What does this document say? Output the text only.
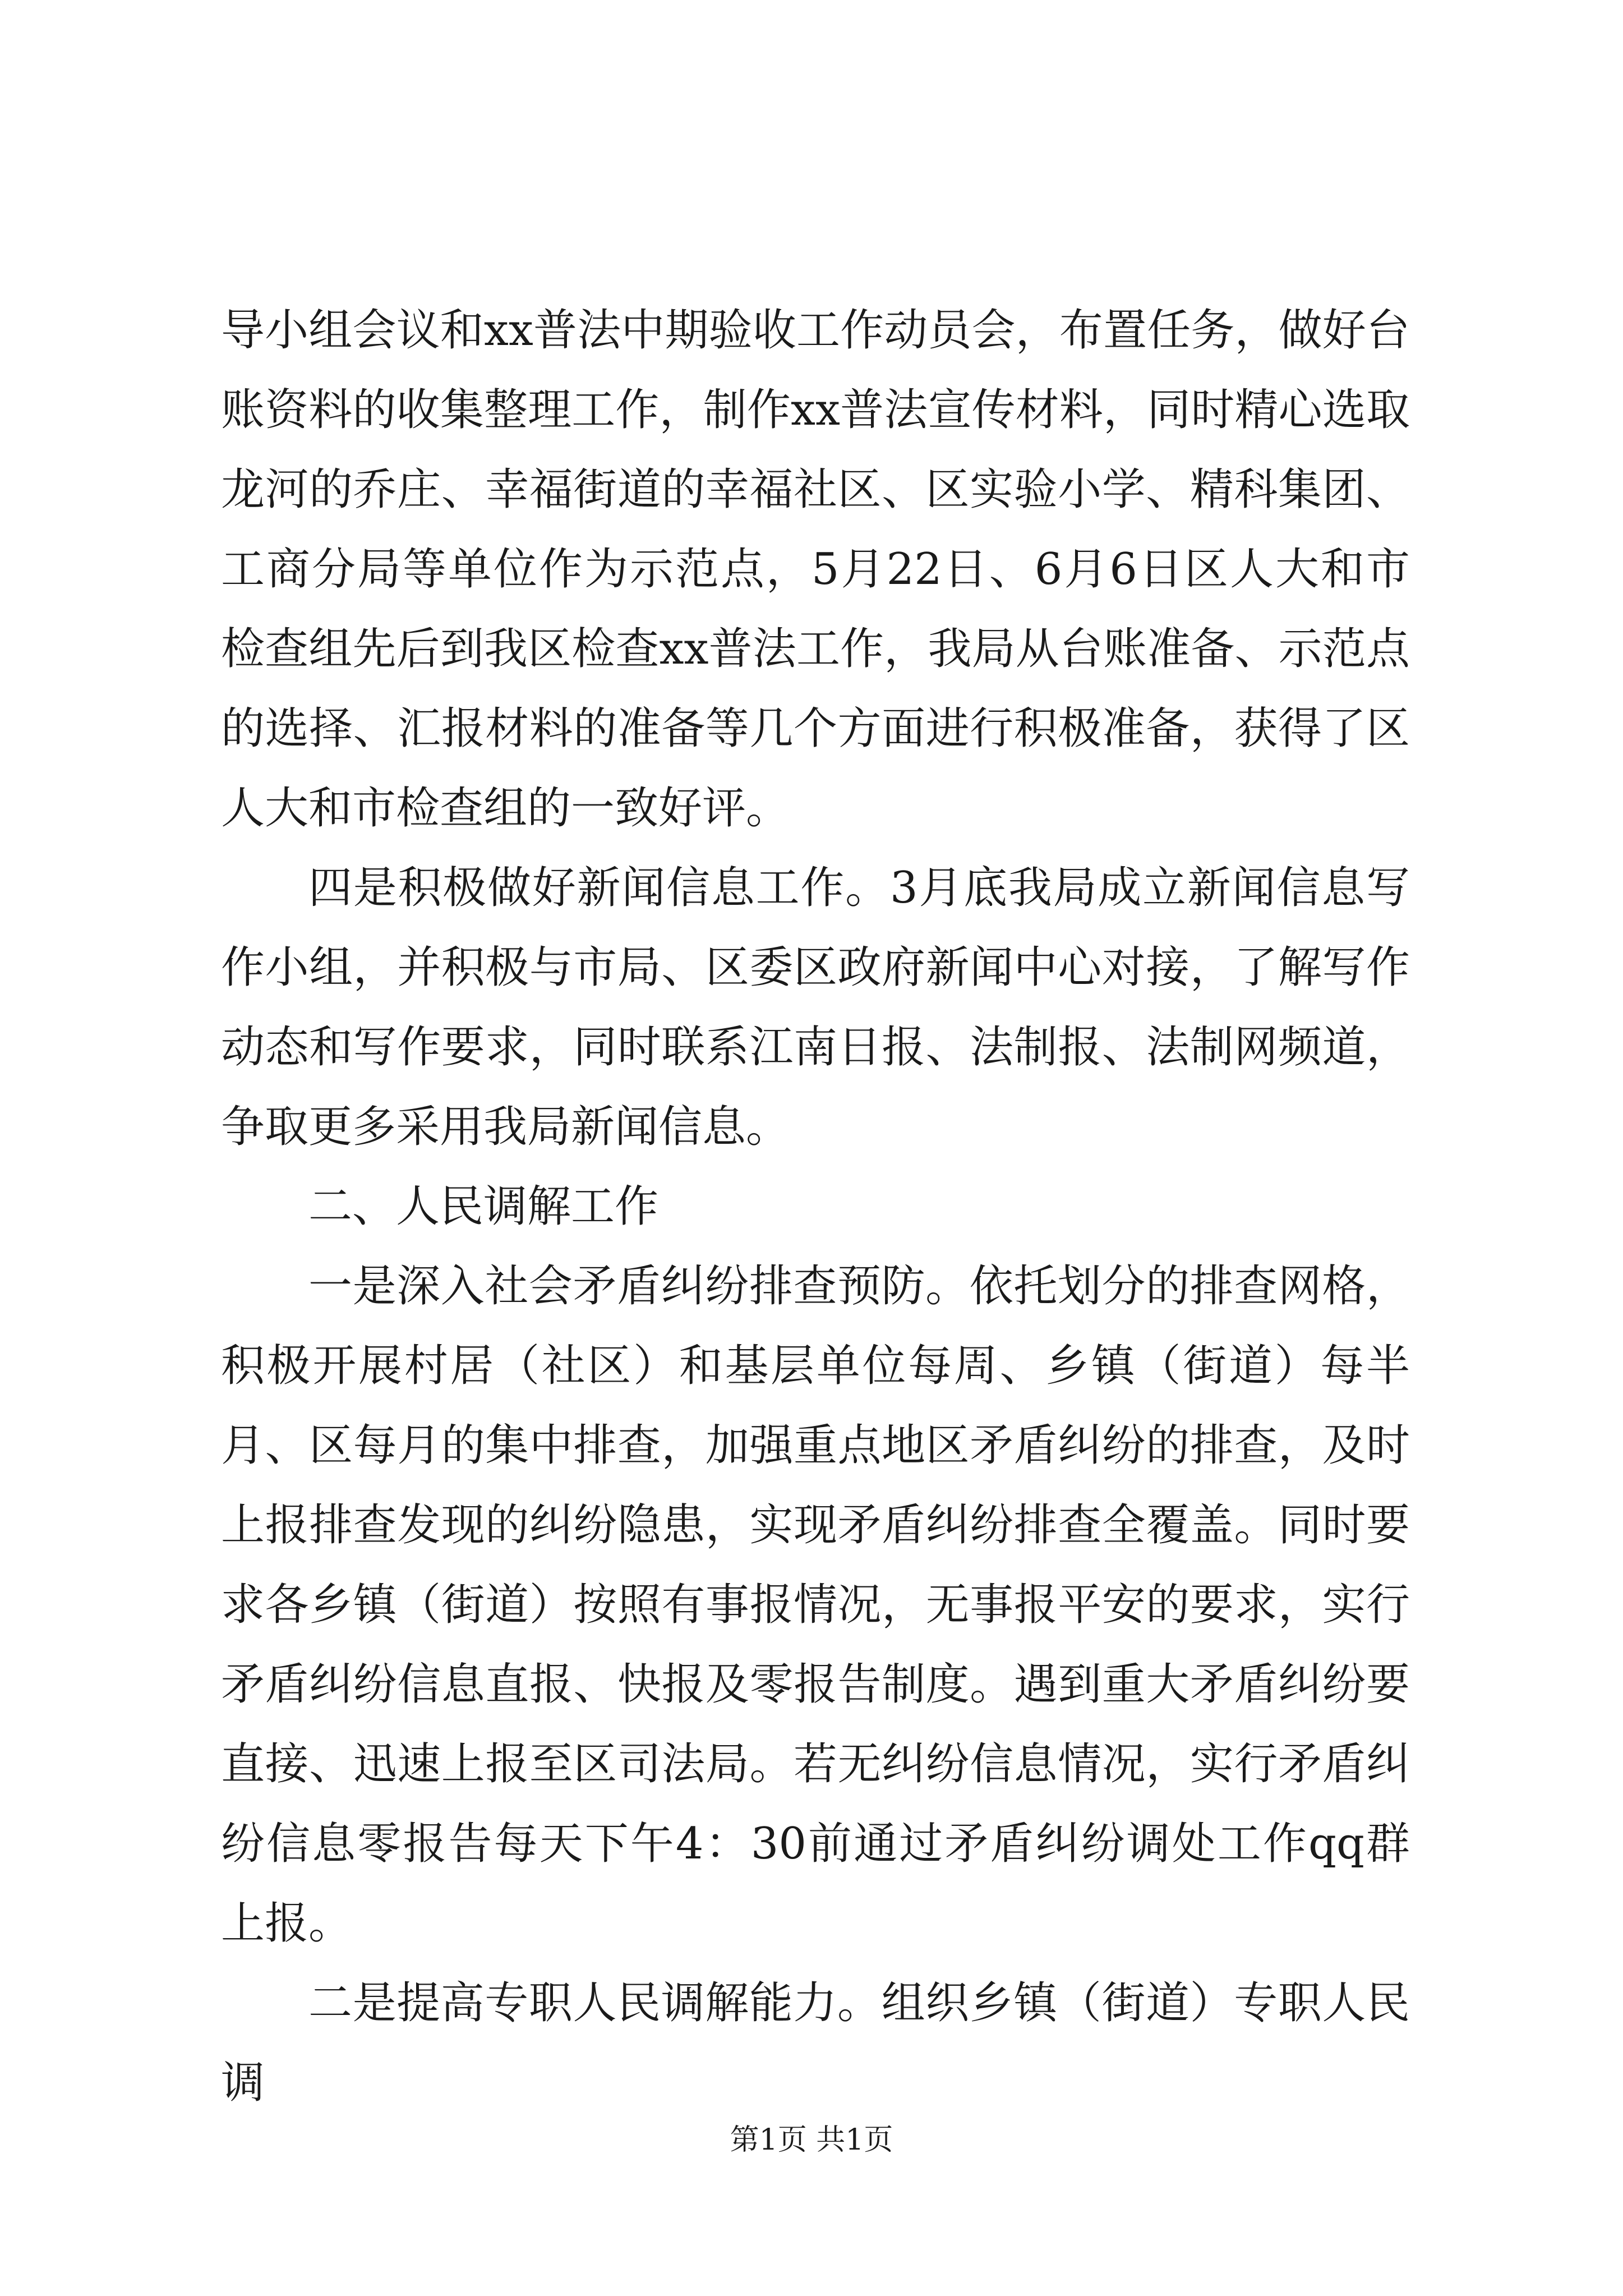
导小组会议和xx普法中期验收工作动员会，布置任务，做好台账资料的收集整理工作，制作xx普法宣传材料，同时精心选取龙河的乔庄、幸福街道的幸福社区、区实验小学、精科集团、工商分局等单位作为示范点，5月22日、6月6日区人大和市检查组先后到我区检查xx普法工作，我局从台账准备、示范点的选择、汇报材料的准备等几个方面进行积极准备，获得了区人大和市检查组的一致好评。

四是积极做好新闻信息工作。3月底我局成立新闻信息写作小组，并积极与市局、区委区政府新闻中心对接，了解写作动态和写作要求，同时联系江南日报、法制报、法制网频道，争取更多采用我局新闻信息。

二、人民调解工作

一是深入社会矛盾纠纷排查预防。依托划分的排查网格，积极开展村居（社区）和基层单位每周、乡镇（街道）每半月、区每月的集中排查，加强重点地区矛盾纠纷的排查，及时上报排查发现的纠纷隐患，实现矛盾纠纷排查全覆盖。同时要求各乡镇（街道）按照有事报情况，无事报平安的要求，实行矛盾纠纷信息直报、快报及零报告制度。遇到重大矛盾纠纷要直接、迅速上报至区司法局。若无纠纷信息情况，实行矛盾纠纷信息零报告每天下午4：30前通过矛盾纠纷调处工作qq群上报。

二是提高专职人民调解能力。组织乡镇（街道）专职人民调

第1页 共1页
